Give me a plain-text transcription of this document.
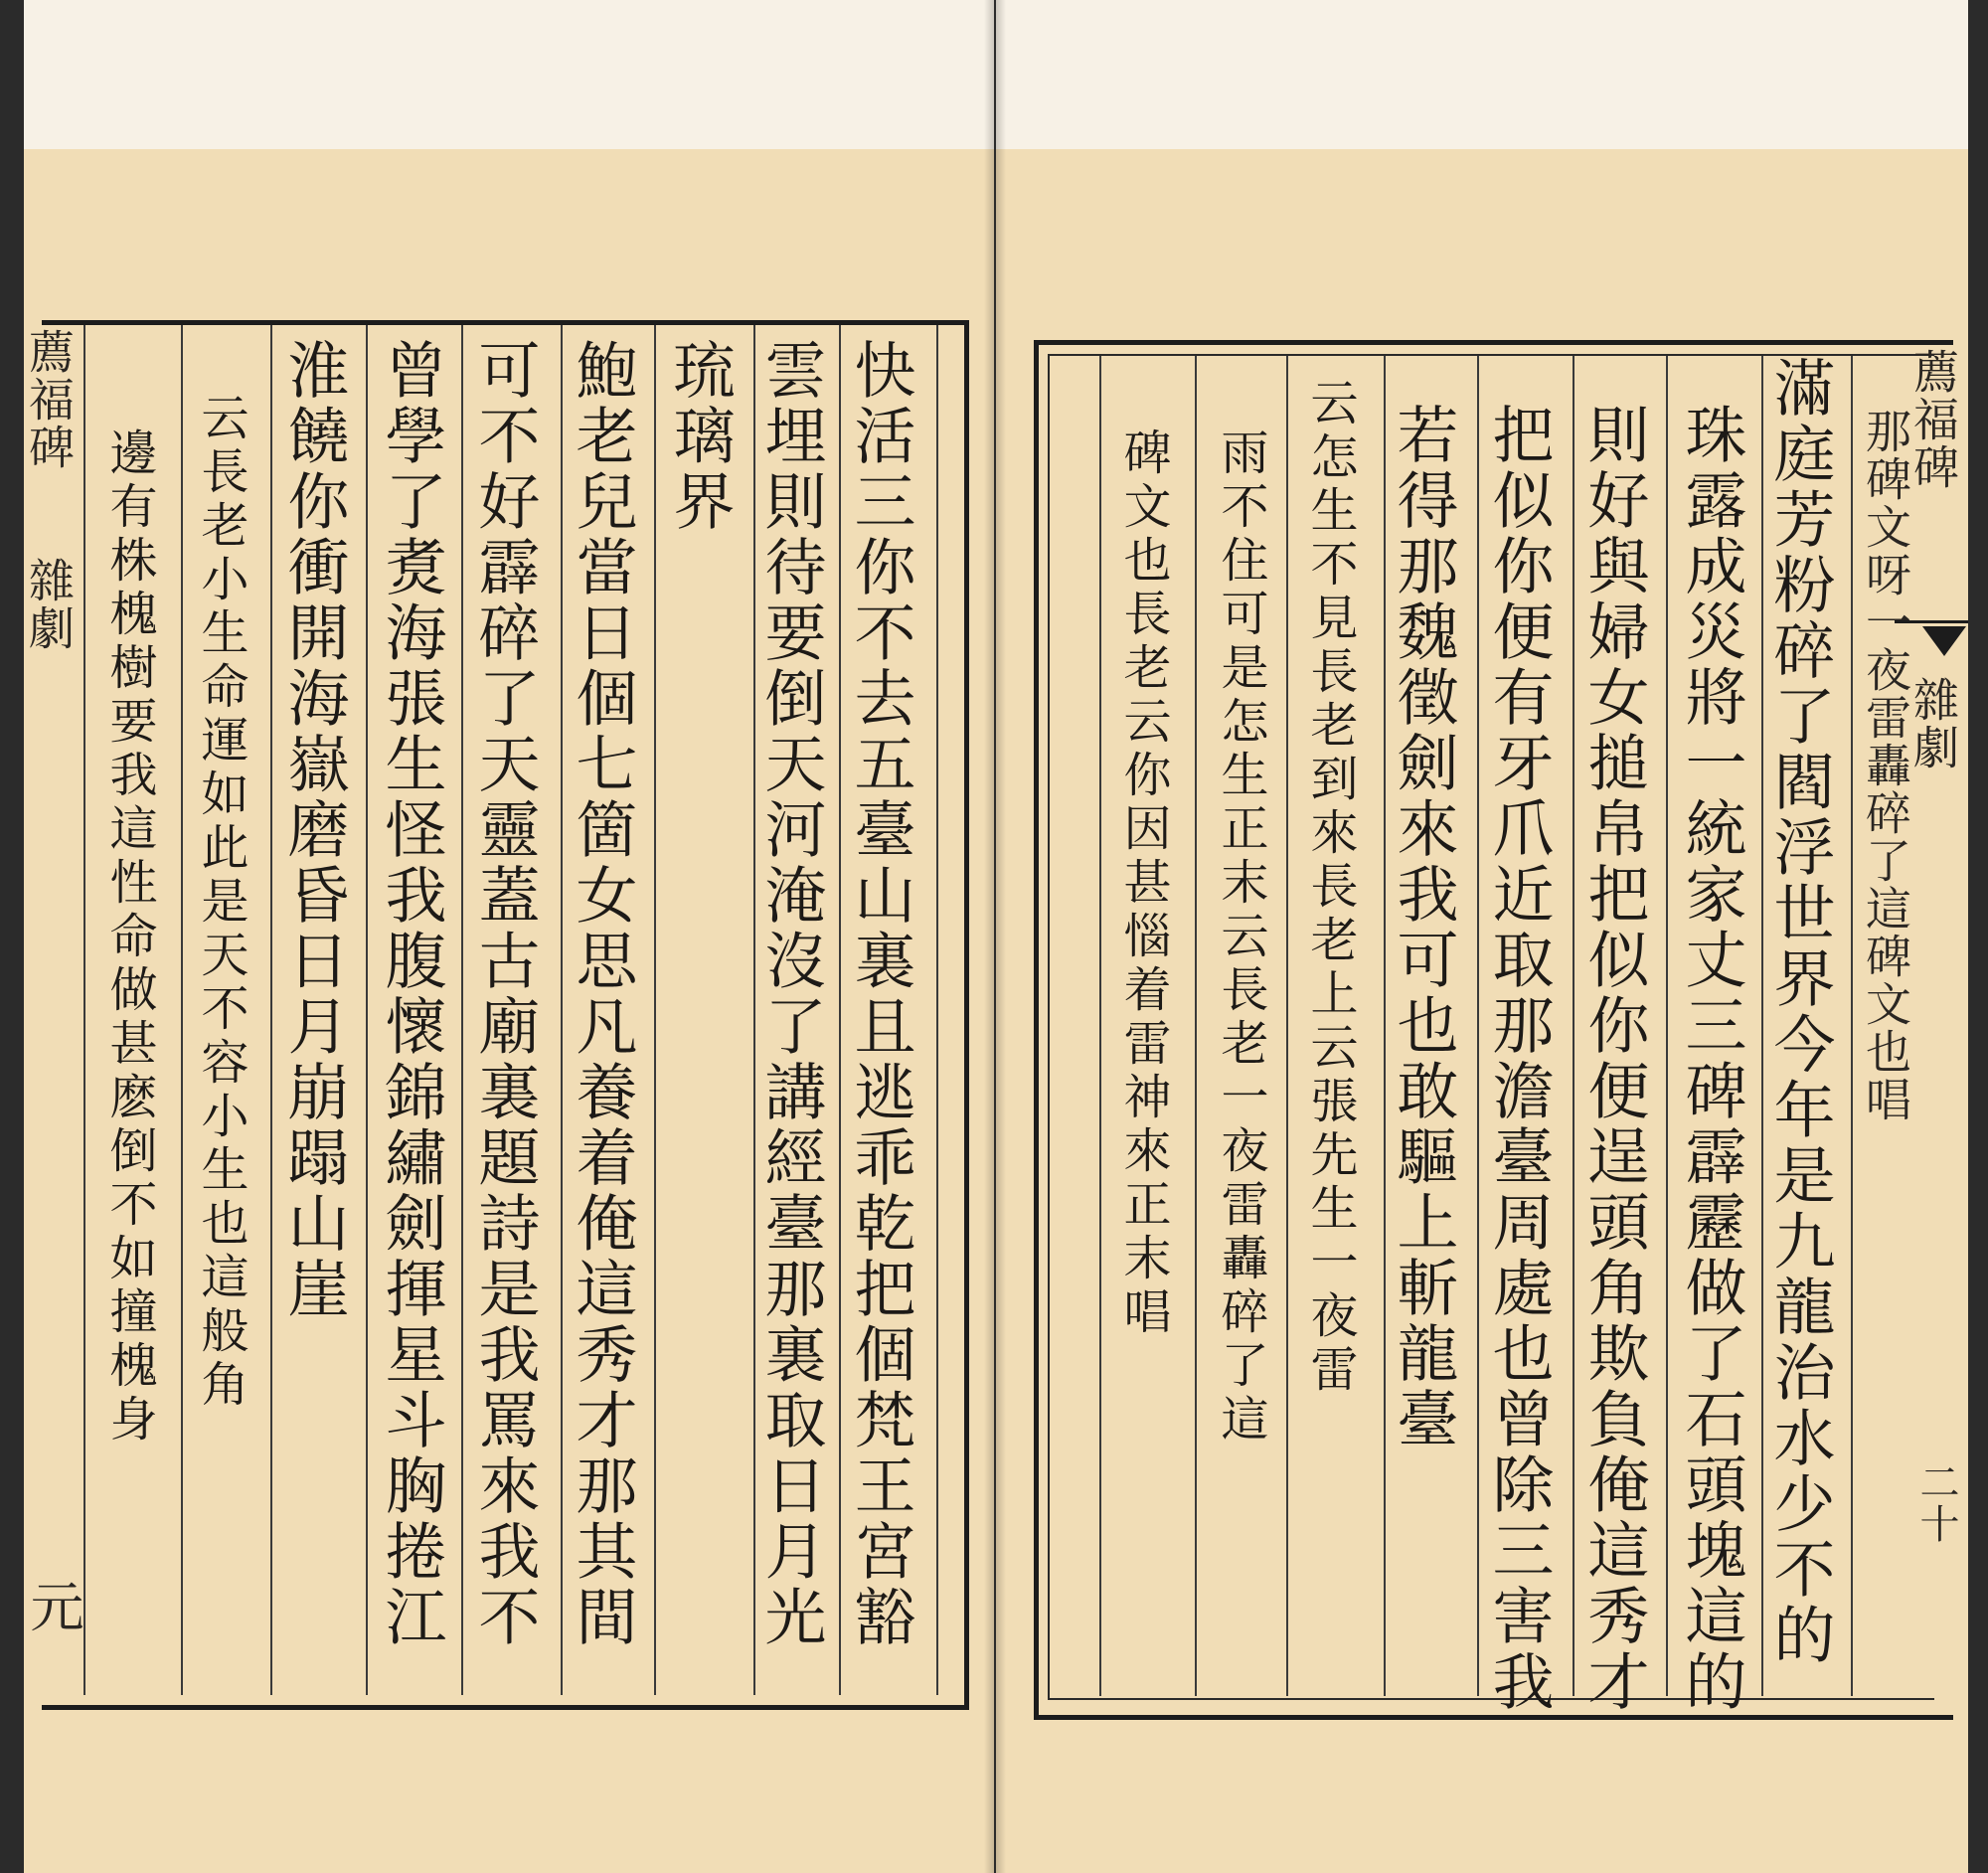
快活三你不去五臺山裏且逃乖乾把個梵王宮豁
雲埋則待要倒天河淹沒了講經臺那裏取日月光
琉璃界
鮑老兒當日個七箇女思凡養着俺這秀才那其間
可不好霹碎了天靈蓋古廟裏題詩是我罵來我不
曾學了煑海張生怪我腹懷錦繡劍揮星斗胸捲江
淮饒你衝開海嶽磨昏日月崩蹋山崖
云長老小生命運如此是天不容小生也這般角
邊有株槐樹要我這性命做甚麽倒不如撞槐身
薦福碑
雜劇
元	滿庭芳粉碎了閻浮世界今年是九龍治水少不的
珠露成災將一統家丈三碑霹靂做了石頭塊這的
則好與婦女搥帛把似你便逞頭角欺負俺這秀才
把似你便有牙爪近取那澹臺周處也曾除三害我
若得那魏徵劍來我可也敢驅上斬龍臺
云怎生不見長老到來長老上云張先生一夜雷
雨不住可是怎生正末云長老一夜雷轟碎了這
碑文也長老云你因甚惱着雷神來正末唱
薦福碑
雜劇
那碑文呀一夜雷轟碎了這碑文也唱
二十
